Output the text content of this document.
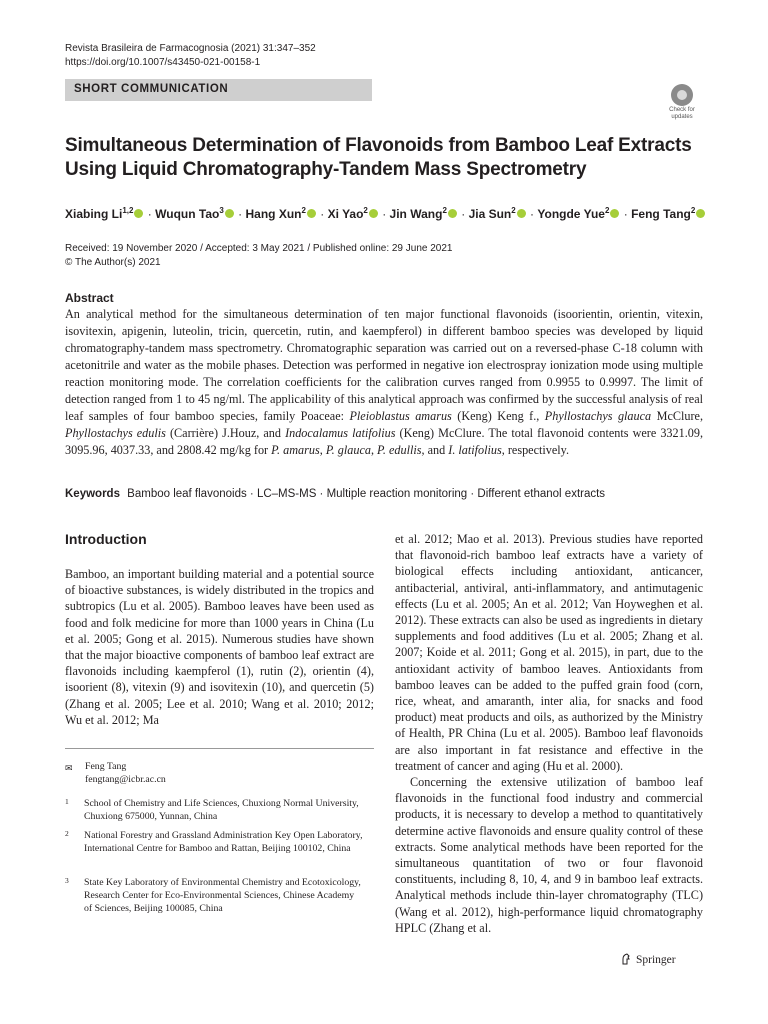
Revista Brasileira de Farmacognosia (2021) 31:347–352
https://doi.org/10.1007/s43450-021-00158-1
SHORT COMMUNICATION
Check for
updates
Simultaneous Determination of Flavonoids from Bamboo Leaf Extracts
Using Liquid Chromatography-Tandem Mass Spectrometry
Xiabing Li$^{1,2}$ · Wuqun Tao$^3$ · Hang Xun$^2$ · Xi Yao$^2$ · Jin Wang$^2$ · Jia Sun$^2$ · Yongde Yue$^2$ · Feng Tang$^2$
Received: 19 November 2020 / Accepted: 3 May 2021 / Published online: 29 June 2021
© The Author(s) 2021
Abstract
An analytical method for the simultaneous determination of ten major functional flavonoids (isoorientin, orientin, vitexin, isovitexin, apigenin, luteolin, tricin, quercetin, rutin, and kaempferol) in different bamboo species was developed by liquid chromatography-tandem mass spectrometry. Chromatographic separation was carried out on a reversed-phase C-18 column with acetonitrile and water as the mobile phases. Detection was performed in negative ion electrospray ionization mode using multiple reaction monitoring mode. The correlation coefficients for the calibration curves ranged from 0.9955 to 0.9997. The limit of detection ranged from 1 to 45 ng/ml. The applicability of this analytical approach was confirmed by the successful analysis of real leaf samples of four bamboo species, family Poaceae: Pleioblastus amarus (Keng) Keng f., Phyllostachys glauca McClure, Phyllostachys edulis (Carrière) J.Houz, and Indocalamus latifolius (Keng) McClure. The total flavonoid contents were 3321.09, 3095.96, 4037.33, and 2808.42 mg/kg for P. amarus, P. glauca, P. edullis, and I. latifolius, respectively.
Keywords Bamboo leaf flavonoids · LC–MS-MS · Multiple reaction monitoring · Different ethanol extracts
Introduction

Bamboo, an important building material and a potential source of bioactive substances, is widely distributed in the tropics and subtropics (Lu et al. 2005). Bamboo leaves have been used as food and folk medicine for more than 1000 years in China (Lu et al. 2005; Gong et al. 2015). Numerous studies have shown that the major bioactive components of bamboo leaf extract are flavonoids including kaempferol (1), rutin (2), orientin (4), isoorient (8), vitexin (9) and isovitexin (10), and quercetin (5) (Zhang et al. 2005; Lee et al. 2010; Wang et al. 2010; 2012; Wu et al. 2012; Ma

et al. 2012; Mao et al. 2013). Previous studies have reported that flavonoid-rich bamboo leaf extracts have a variety of biological effects including antioxidant, anticancer, antibacterial, antiviral, anti-inflammatory, and antimutagenic effects (Lu et al. 2005; An et al. 2012; Van Hoyweghen et al. 2012). These extracts can also be used as ingredients in dietary supplements and food additives (Lu et al. 2005; Zhang et al. 2007; Koide et al. 2011; Gong et al. 2015), in part, due to the antioxidant activity of bamboo leaves. Antioxidants from bamboo leaves can be added to the puffed grain food (corn, rice, wheat, and amaranth, inter alia, for snacks and food product) meat products and oils, as authorized by the Ministry of Health, PR China (Lu et al. 2005). Bamboo leaf flavonoids are also important in fat resistance and effective in the treatment of cancer and aging (Hu et al. 2000).

Concerning the extensive utilization of bamboo leaf flavonoids in the functional food industry and commercial products, it is necessary to develop a method to quantitatively determine active flavonoids and ensure quality control of these extracts. Some analytical methods have been reported for the simultaneous quantitation of two or four flavonoid constituents, including 8, 10, 4, and 9 in bamboo leaf extracts. Analytical methods include thin-layer chromatography (TLC) (Wang et al. 2012), high-performance liquid chromatography HPLC (Zhang et al.

✉ Feng Tang
fengtang@icbr.ac.cn
1 School of Chemistry and Life Sciences, Chuxiong Normal University, Chuxiong 675000, Yunnan, China
2 National Forestry and Grassland Administration Key Open Laboratory, International Centre for Bamboo and Rattan, Beijing 100102, China
3 State Key Laboratory of Environmental Chemistry and Ecotoxicology, Research Center for Eco-Environmental Sciences, Chinese Academy of Sciences, Beijing 100085, China
Springer
